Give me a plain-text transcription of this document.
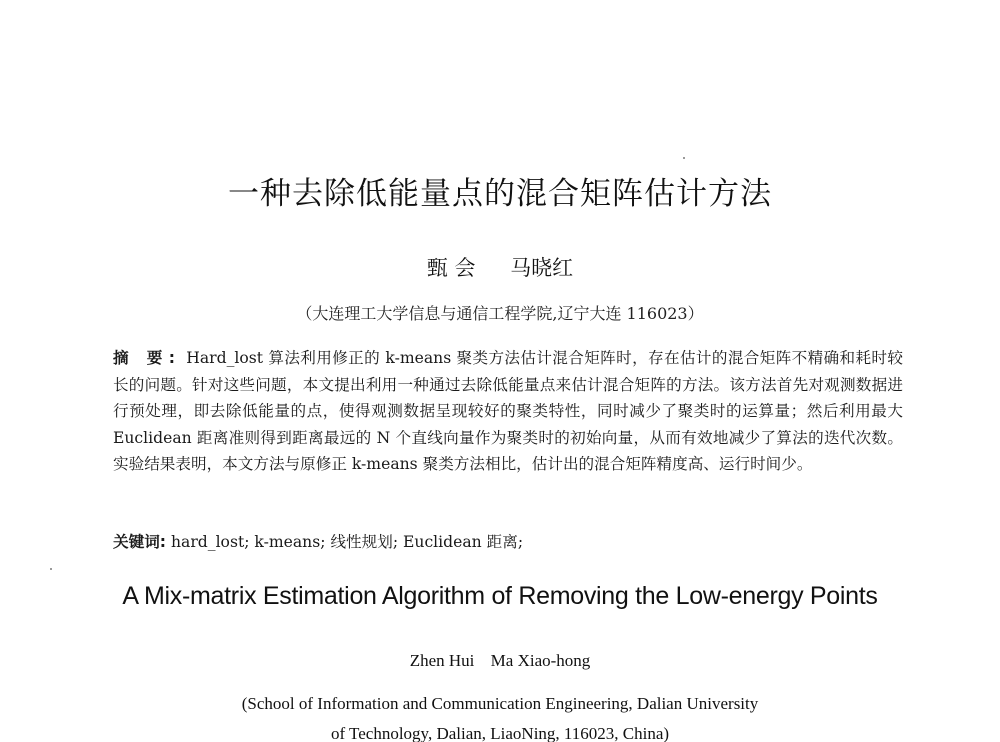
一种去除低能量点的混合矩阵估计方法
甄 会 马晓红
（大连理工大学信息与通信工程学院,辽宁大连 116023）
摘 要: Hard_lost 算法利用修正的 k-means 聚类方法估计混合矩阵时，存在估计的混合矩阵不精确和耗时较长的问题。针对这些问题，本文提出利用一种通过去除低能量点来估计混合矩阵的方法。该方法首先对观测数据进行预处理，即去除低能量的点，使得观测数据呈现较好的聚类特性，同时减少了聚类时的运算量；然后利用最大 Euclidean 距离准则得到距离最远的 N 个直线向量作为聚类时的初始向量，从而有效地减少了算法的迭代次数。实验结果表明，本文方法与原修正 k-means 聚类方法相比，估计出的混合矩阵精度高、运行时间少。
关键词: hard_lost; k-means; 线性规划; Euclidean 距离;
A Mix-matrix Estimation Algorithm of Removing the Low-energy Points
Zhen Hui Ma Xiao-hong
(School of Information and Communication Engineering, Dalian University
of Technology, Dalian, LiaoNing, 116023, China)
